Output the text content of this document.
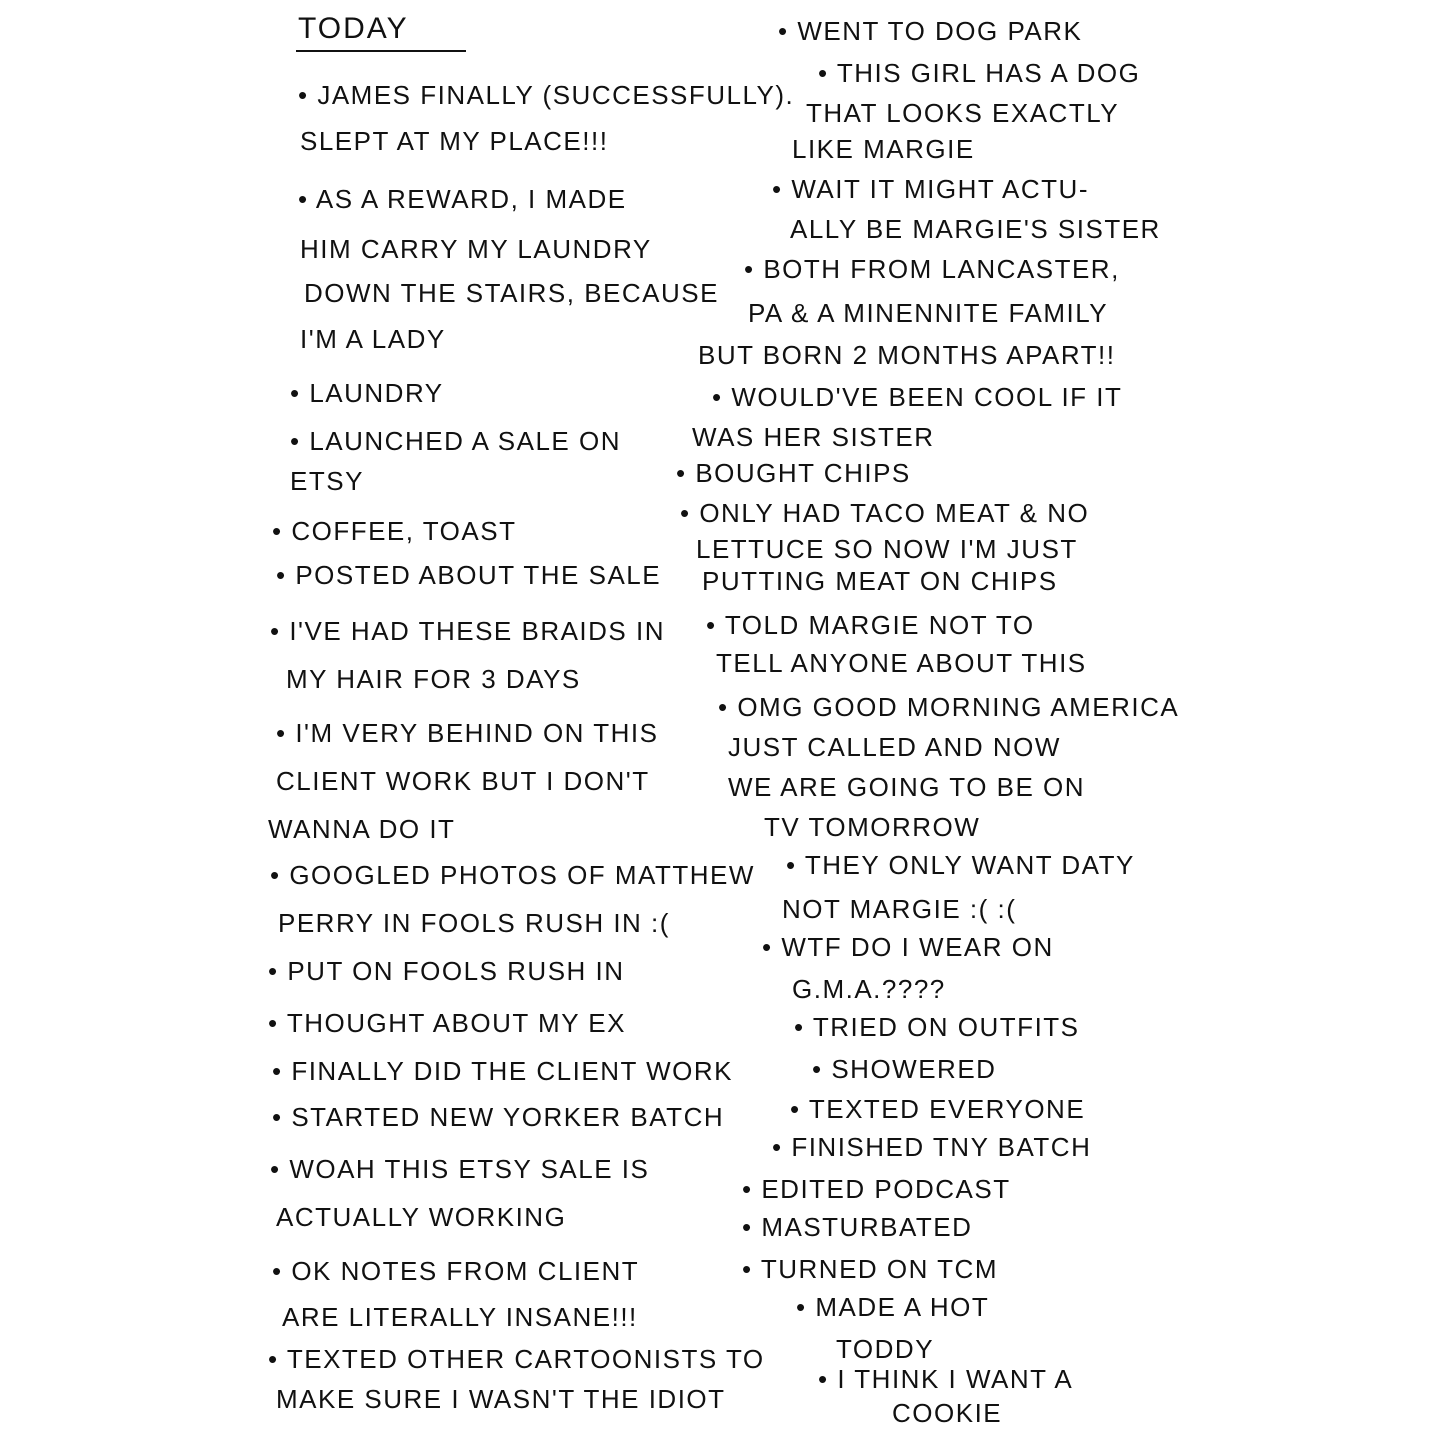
TODAY
• JAMES FINALLY (SUCCESSFULLY).
SLEPT AT MY PLACE!!!
• AS A REWARD, I MADE
HIM CARRY MY LAUNDRY
DOWN THE STAIRS, BECAUSE
I'M A LADY
• LAUNDRY
• LAUNCHED A SALE ON
ETSY
• COFFEE, TOAST
• POSTED ABOUT THE SALE
• I'VE HAD THESE BRAIDS IN
MY HAIR FOR 3 DAYS
• I'M VERY BEHIND ON THIS
CLIENT WORK BUT I DON'T
WANNA DO IT
• GOOGLED PHOTOS OF MATTHEW
PERRY IN FOOLS RUSH IN :(
• PUT ON FOOLS RUSH IN
• THOUGHT ABOUT MY EX
• FINALLY DID THE CLIENT WORK
• STARTED NEW YORKER BATCH
• WOAH THIS ETSY SALE IS
ACTUALLY WORKING
• OK NOTES FROM CLIENT
ARE LITERALLY INSANE!!!
• TEXTED OTHER CARTOONISTS TO
MAKE SURE I WASN'T THE IDIOT
• WENT TO DOG PARK
• THIS GIRL HAS A DOG
THAT LOOKS EXACTLY
LIKE MARGIE
• WAIT IT MIGHT ACTU-
ALLY BE MARGIE'S SISTER
• BOTH FROM LANCASTER,
PA & A MINENNITE FAMILY
BUT BORN 2 MONTHS APART!!
• WOULD'VE BEEN COOL IF IT
WAS HER SISTER
• BOUGHT CHIPS
• ONLY HAD TACO MEAT & NO
LETTUCE SO NOW I'M JUST
PUTTING MEAT ON CHIPS
• TOLD MARGIE NOT TO
TELL ANYONE ABOUT THIS
• OMG GOOD MORNING AMERICA
JUST CALLED AND NOW
WE ARE GOING TO BE ON
TV TOMORROW
• THEY ONLY WANT DATY
NOT MARGIE :( :(
• WTF DO I WEAR ON
G.M.A.????
• TRIED ON OUTFITS
• SHOWERED
• TEXTED EVERYONE
• FINISHED TNY BATCH
• EDITED PODCAST
• MASTURBATED
• TURNED ON TCM
• MADE A HOT
TODDY
• I THINK I WANT A
COOKIE
